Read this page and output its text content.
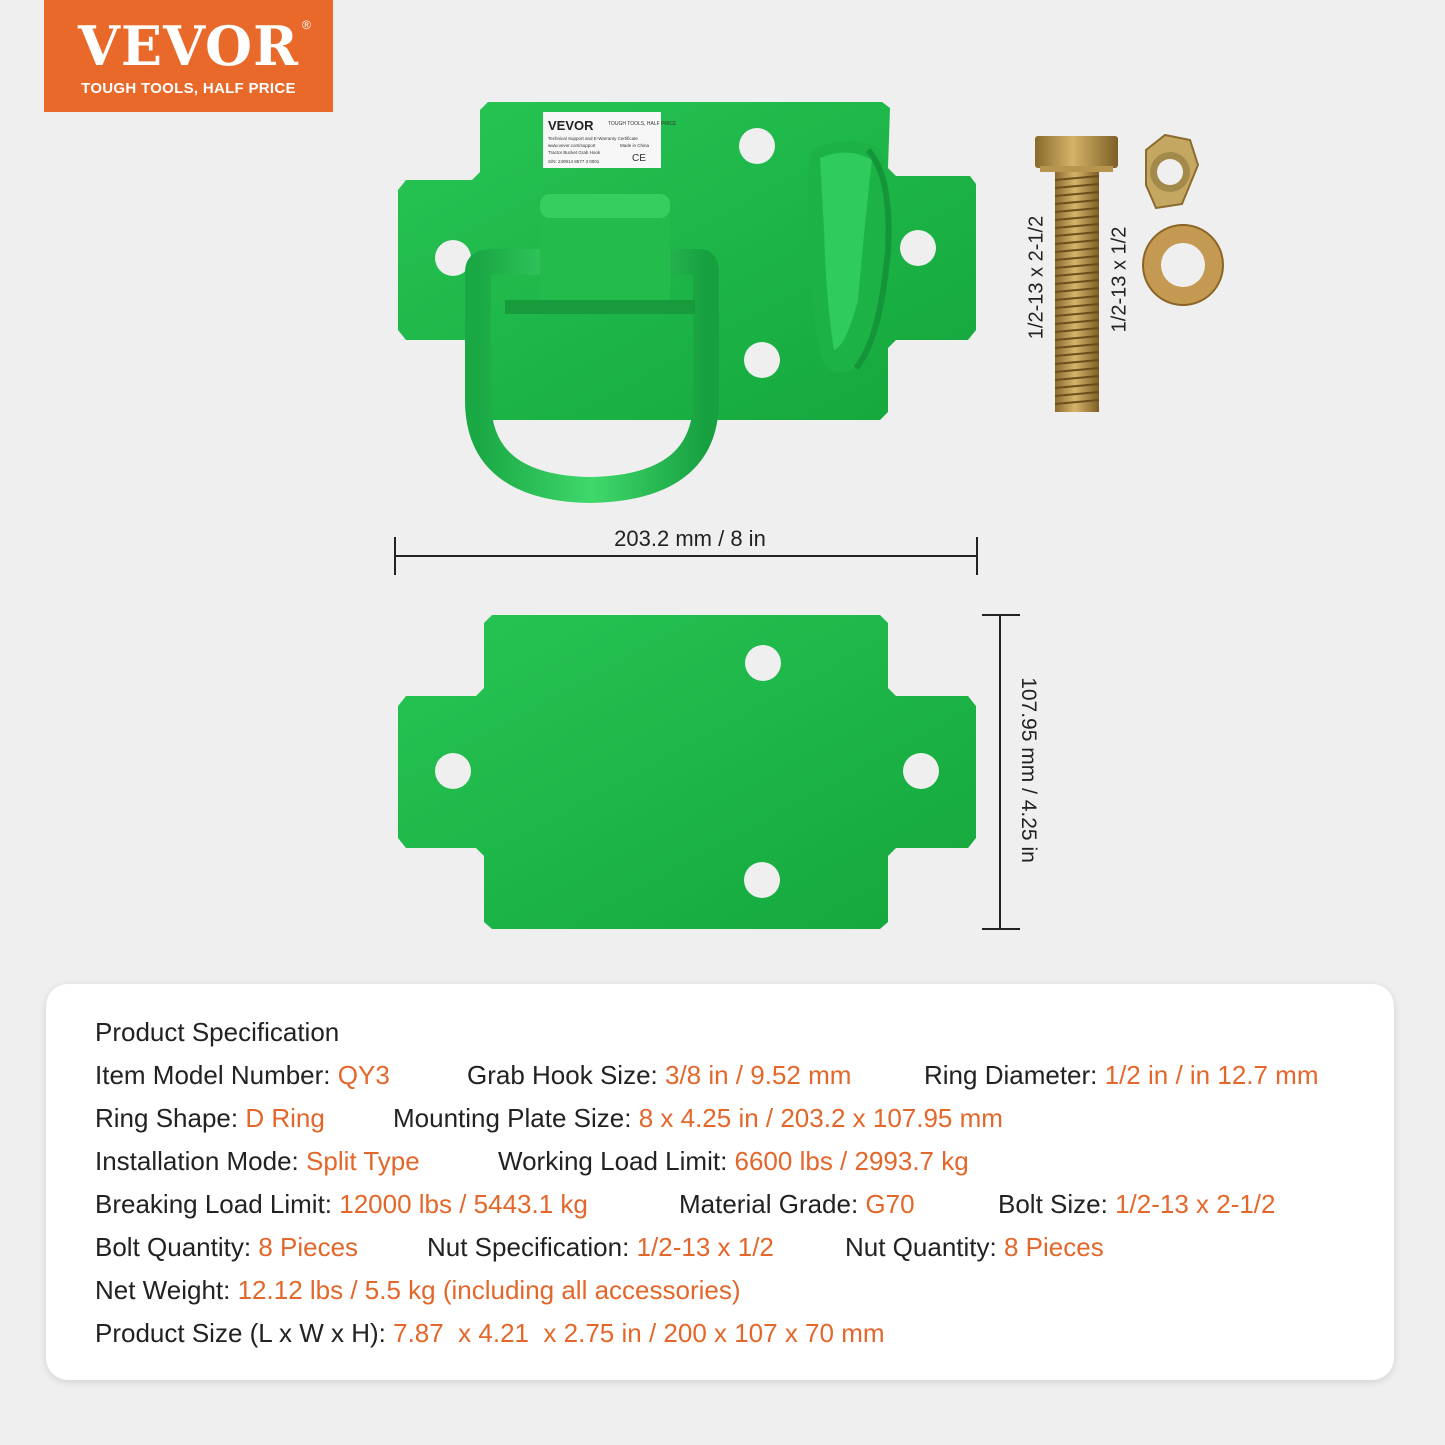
VEVOR ®
TOUGH TOOLS, HALF PRICE
VEVOR	TOUGH TOOLS, HALF PRICE
Technical Support and E-Warranty Certificate
www.vevor.com/support	Made in China
Tractor Bucket Grab Hook
S/N: 240914 8577 3 0001	CE
203.2 mm / 8 in
107.95 mm / 4.25 in
1/2-13 x 2-1/2	1/2-13 x 1/2
Product Specification
Item Model Number: QY3	Grab Hook Size: 3/8 in / 9.52 mm	Ring Diameter: 1/2 in / in 12.7 mm
Ring Shape: D Ring	Mounting Plate Size: 8 x 4.25 in / 203.2 x 107.95 mm
Installation Mode: Split Type	Working Load Limit: 6600 lbs / 2993.7 kg
Breaking Load Limit: 12000 lbs / 5443.1 kg	Material Grade: G70	Bolt Size: 1/2-13 x 2-1/2
Bolt Quantity: 8 Pieces	Nut Specification: 1/2-13 x 1/2	Nut Quantity: 8 Pieces
Net Weight: 12.12 lbs / 5.5 kg (including all accessories)
Product Size (L x W x H): 7.87  x 4.21  x 2.75 in / 200 x 107 x 70 mm
